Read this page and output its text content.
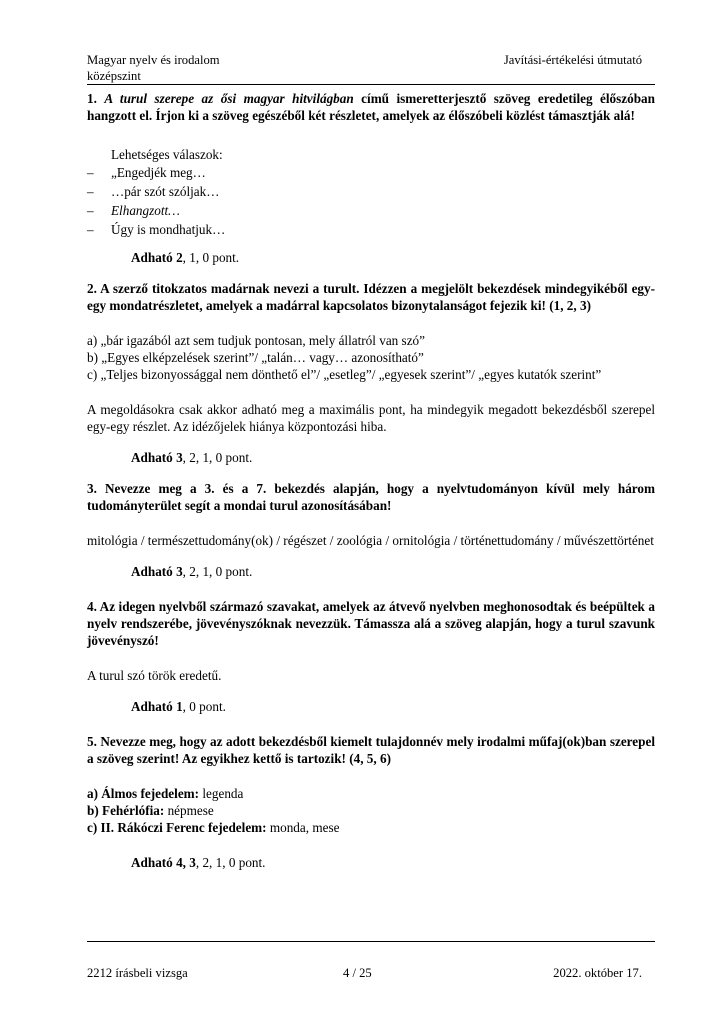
Magyar nyelv és irodalom
középszint
Javítási-értékelési útmutató
1. A turul szerepe az ősi magyar hitvilágban című ismeretterjesztő szöveg eredetileg élőszóban hangzott el. Írjon ki a szöveg egészéből két részletet, amelyek az élőszóbeli közlést támasztják alá!
Lehetséges válaszok:
– „Engedjék meg…
– …pár szót szóljak…
– Elhangzott…
– Úgy is mondhatjuk…
Adható 2, 1, 0 pont.
2. A szerző titokzatos madárnak nevezi a turult. Idézzen a megjelölt bekezdések mindegyikéből egy-egy mondatrészletet, amelyek a madárral kapcsolatos bizonytalanságot fejezik ki! (1, 2, 3)
a) „bár igazából azt sem tudjuk pontosan, mely állatról van szó”
b) „Egyes elképzelések szerint”/ „talán… vagy… azonosítható”
c) „Teljes bizonyossággal nem dönthető el”/ „esetleg”/ „egyesek szerint”/ „egyes kutatók szerint”
A megoldásokra csak akkor adható meg a maximális pont, ha mindegyik megadott bekezdésből szerepel egy-egy részlet. Az idézőjelek hiánya központozási hiba.
Adható 3, 2, 1, 0 pont.
3. Nevezze meg a 3. és a 7. bekezdés alapján, hogy a nyelvtudományon kívül mely három tudományterület segít a mondai turul azonosításában!
mitológia / természettudomány(ok) / régészet / zoológia / ornitológia / történettudomány / művészettörténet
Adható 3, 2, 1, 0 pont.
4. Az idegen nyelvből származó szavakat, amelyek az átvevő nyelvben meghonosodtak és beépültek a nyelv rendszerébe, jövevényszóknak nevezzük. Támassza alá a szöveg alapján, hogy a turul szavunk jövevényszó!
A turul szó török eredetű.
Adható 1, 0 pont.
5. Nevezze meg, hogy az adott bekezdésből kiemelt tulajdonnév mely irodalmi műfaj(ok)ban szerepel a szöveg szerint! Az egyikhez kettő is tartozik! (4, 5, 6)
a) Álmos fejedelem: legenda
b) Fehérlófia: népmese
c) II. Rákóczi Ferenc fejedelem: monda, mese
Adható 4, 3, 2, 1, 0 pont.
2212 írásbeli vizsga	4 / 25	2022. október 17.
